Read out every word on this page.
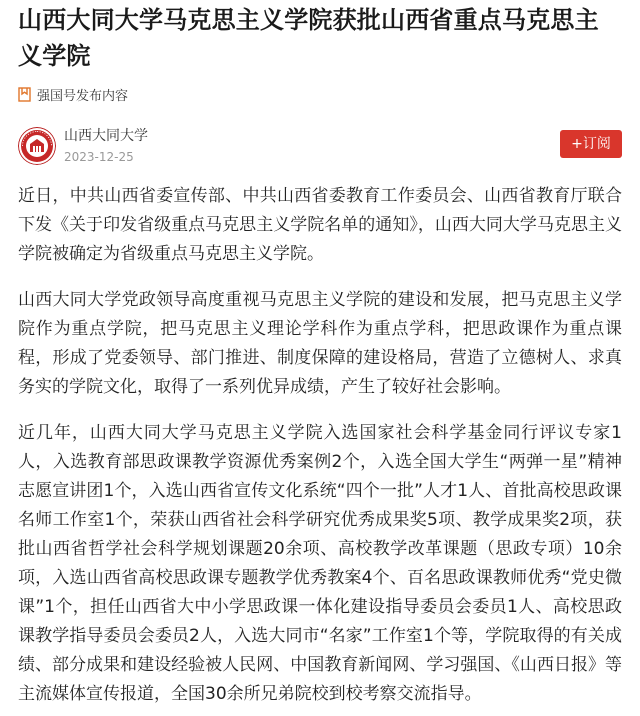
山西大同大学马克思主义学院获批山西省重点马克思主义学院
强国号发布内容
山西大同大学
2023-12-25
+订阅

近日，中共山西省委宣传部、中共山西省委教育工作委员会、山西省教育厅联合下发《关于印发省级重点马克思主义学院名单的通知》，山西大同大学马克思主义学院被确定为省级重点马克思主义学院。

山西大同大学党政领导高度重视马克思主义学院的建设和发展，把马克思主义学院作为重点学院，把马克思主义理论学科作为重点学科，把思政课作为重点课程，形成了党委领导、部门推进、制度保障的建设格局，营造了立德树人、求真务实的学院文化，取得了一系列优异成绩，产生了较好社会影响。

近几年，山西大同大学马克思主义学院入选国家社会科学基金同行评议专家1人，入选教育部思政课教学资源优秀案例2个，入选全国大学生“两弹一星”精神志愿宣讲团1个，入选山西省宣传文化系统“四个一批”人才1人、首批高校思政课名师工作室1个，荣获山西省社会科学研究优秀成果奖5项、教学成果奖2项，获批山西省哲学社会科学规划课题20余项、高校教学改革课题（思政专项）10余项，入选山西省高校思政课专题教学优秀教案4个、百名思政课教师优秀“党史微课”1个，担任山西省大中小学思政课一体化建设指导委员会委员1人、高校思政课教学指导委员会委员2人，入选大同市“名家”工作室1个等，学院取得的有关成绩、部分成果和建设经验被人民网、中国教育新闻网、学习强国、《山西日报》等主流媒体宣传报道，全国30余所兄弟院校到校考察交流指导。
